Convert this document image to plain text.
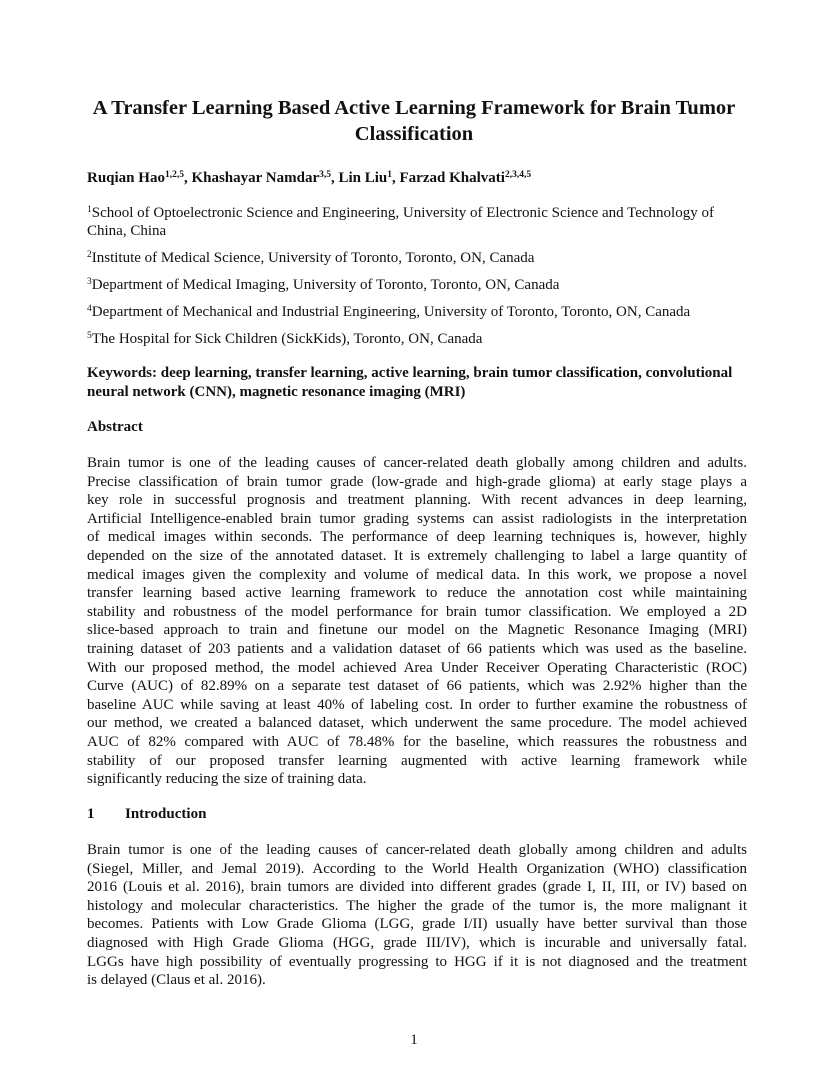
A Transfer Learning Based Active Learning Framework for Brain Tumor Classification
Ruqian Hao$^{1,2,5}$, Khashayar Namdar$^{3,5}$, Lin Liu$^1$, Farzad Khalvati$^{2,3,4,5}$
$^1$School of Optoelectronic Science and Engineering, University of Electronic Science and Technology of China, China
$^2$Institute of Medical Science, University of Toronto, Toronto, ON, Canada
$^3$Department of Medical Imaging, University of Toronto, Toronto, ON, Canada
$^4$Department of Mechanical and Industrial Engineering, University of Toronto, Toronto, ON, Canada
$^5$The Hospital for Sick Children (SickKids), Toronto, ON, Canada
Keywords: deep learning, transfer learning, active learning, brain tumor classification, convolutional neural network (CNN), magnetic resonance imaging (MRI)
Abstract
Brain tumor is one of the leading causes of cancer-related death globally among children and adults.
Precise classification of brain tumor grade (low-grade and high-grade glioma) at early stage plays a
key role in successful prognosis and treatment planning. With recent advances in deep learning,
Artificial Intelligence-enabled brain tumor grading systems can assist radiologists in the interpretation
of medical images within seconds. The performance of deep learning techniques is, however, highly
depended on the size of the annotated dataset. It is extremely challenging to label a large quantity of
medical images given the complexity and volume of medical data. In this work, we propose a novel
transfer learning based active learning framework to reduce the annotation cost while maintaining
stability and robustness of the model performance for brain tumor classification. We employed a 2D
slice-based approach to train and finetune our model on the Magnetic Resonance Imaging (MRI)
training dataset of 203 patients and a validation dataset of 66 patients which was used as the baseline.
With our proposed method, the model achieved Area Under Receiver Operating Characteristic (ROC)
Curve (AUC) of 82.89% on a separate test dataset of 66 patients, which was 2.92% higher than the
baseline AUC while saving at least 40% of labeling cost. In order to further examine the robustness of
our method, we created a balanced dataset, which underwent the same procedure. The model achieved
AUC of 82% compared with AUC of 78.48% for the baseline, which reassures the robustness and
stability of our proposed transfer learning augmented with active learning framework while
significantly reducing the size of training data.
1 Introduction
Brain tumor is one of the leading causes of cancer-related death globally among children and adults
(Siegel, Miller, and Jemal 2019). According to the World Health Organization (WHO) classification
2016 (Louis et al. 2016), brain tumors are divided into different grades (grade I, II, III, or IV) based on
histology and molecular characteristics. The higher the grade of the tumor is, the more malignant it
becomes. Patients with Low Grade Glioma (LGG, grade I/II) usually have better survival than those
diagnosed with High Grade Glioma (HGG, grade III/IV), which is incurable and universally fatal.
LGGs have high possibility of eventually progressing to HGG if it is not diagnosed and the treatment
is delayed (Claus et al. 2016).
1
